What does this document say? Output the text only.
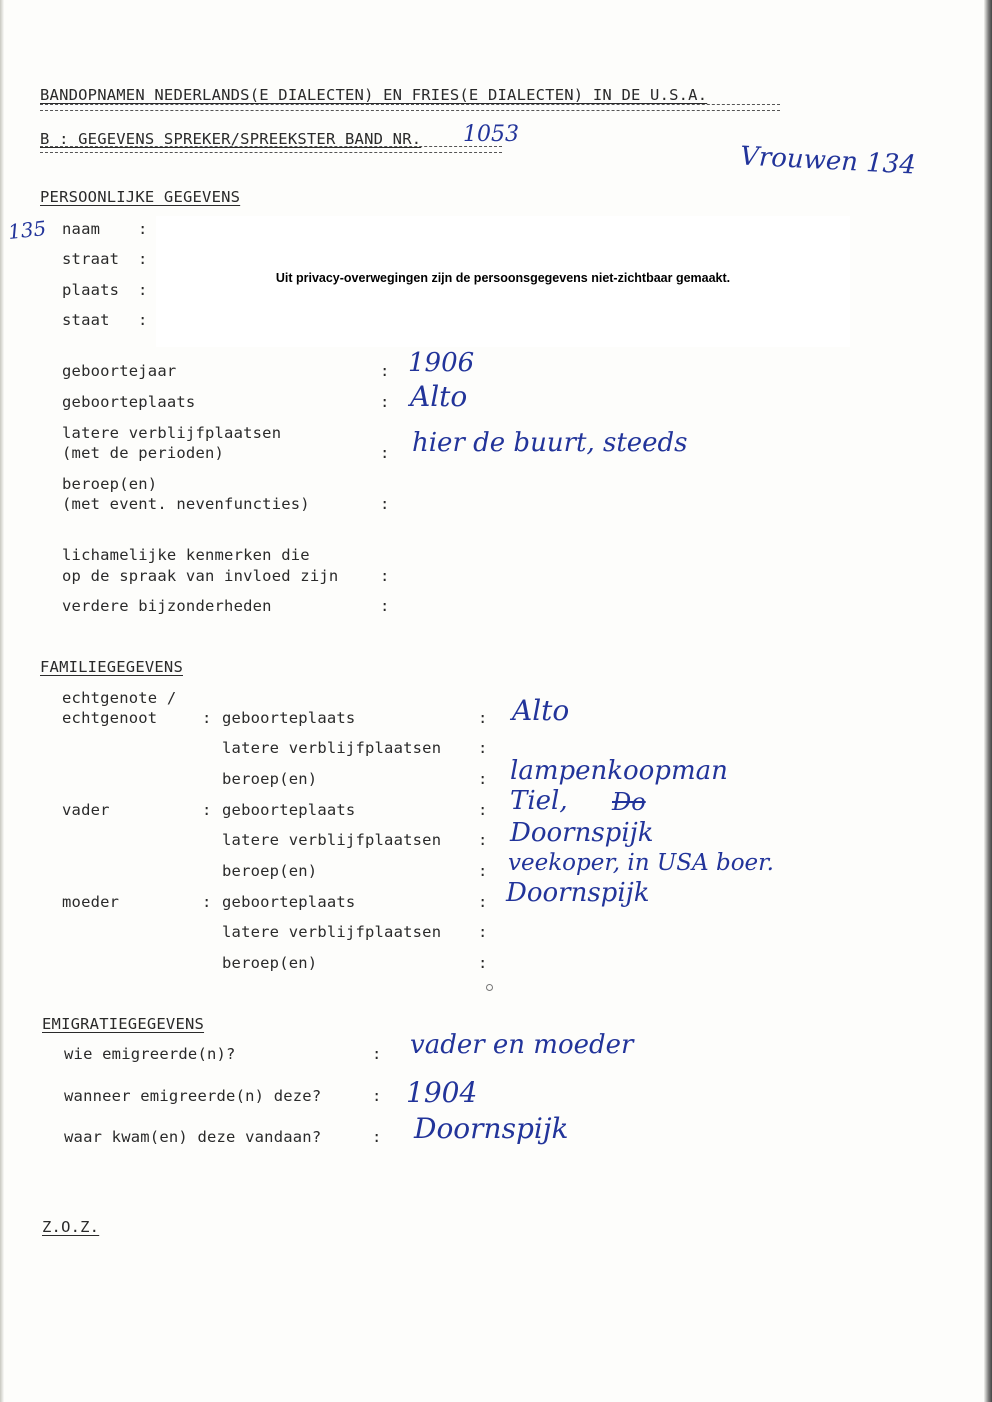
BANDOPNAMEN NEDERLANDS(E DIALECTEN) EN FRIES(E DIALECTEN) IN DE U.S.A.
B : GEGEVENS SPREKER/SPREEKSTER BAND NR. 1053
Vrouwen 134
PERSOONLIJKE GEGEVENS
135 naam :
straat :
plaats :
staat :
Uit privacy-overwegingen zijn de persoonsgegevens niet-zichtbaar gemaakt.
geboortejaar	: 1906
geboorteplaats	: Alto
latere verblijfplaatsen
(met de perioden)	: hier de buurt, steeds
beroep(en)
(met event. nevenfuncties)	:
lichamelijke kenmerken die
op de spraak van invloed zijn	:
verdere bijzonderheden	:
FAMILIEGEGEVENS
echtgenote /
echtgenoot	: geboorteplaats	: Alto
latere verblijfplaatsen :
beroep(en)	: lampenkoopman
vader	: geboorteplaats	: Tiel, Do
latere verblijfplaatsen : Doornspijk
beroep(en)	: veekoper, in USA boer.
moeder	: geboorteplaats	: Doornspijk
latere verblijfplaatsen :
beroep(en)	:
EMIGRATIEGEGEVENS
wie emigreerde(n)?	: vader en moeder
wanneer emigreerde(n) deze?	: 1904
waar kwam(en) deze vandaan?	: Doornspijk
Z.O.Z.
